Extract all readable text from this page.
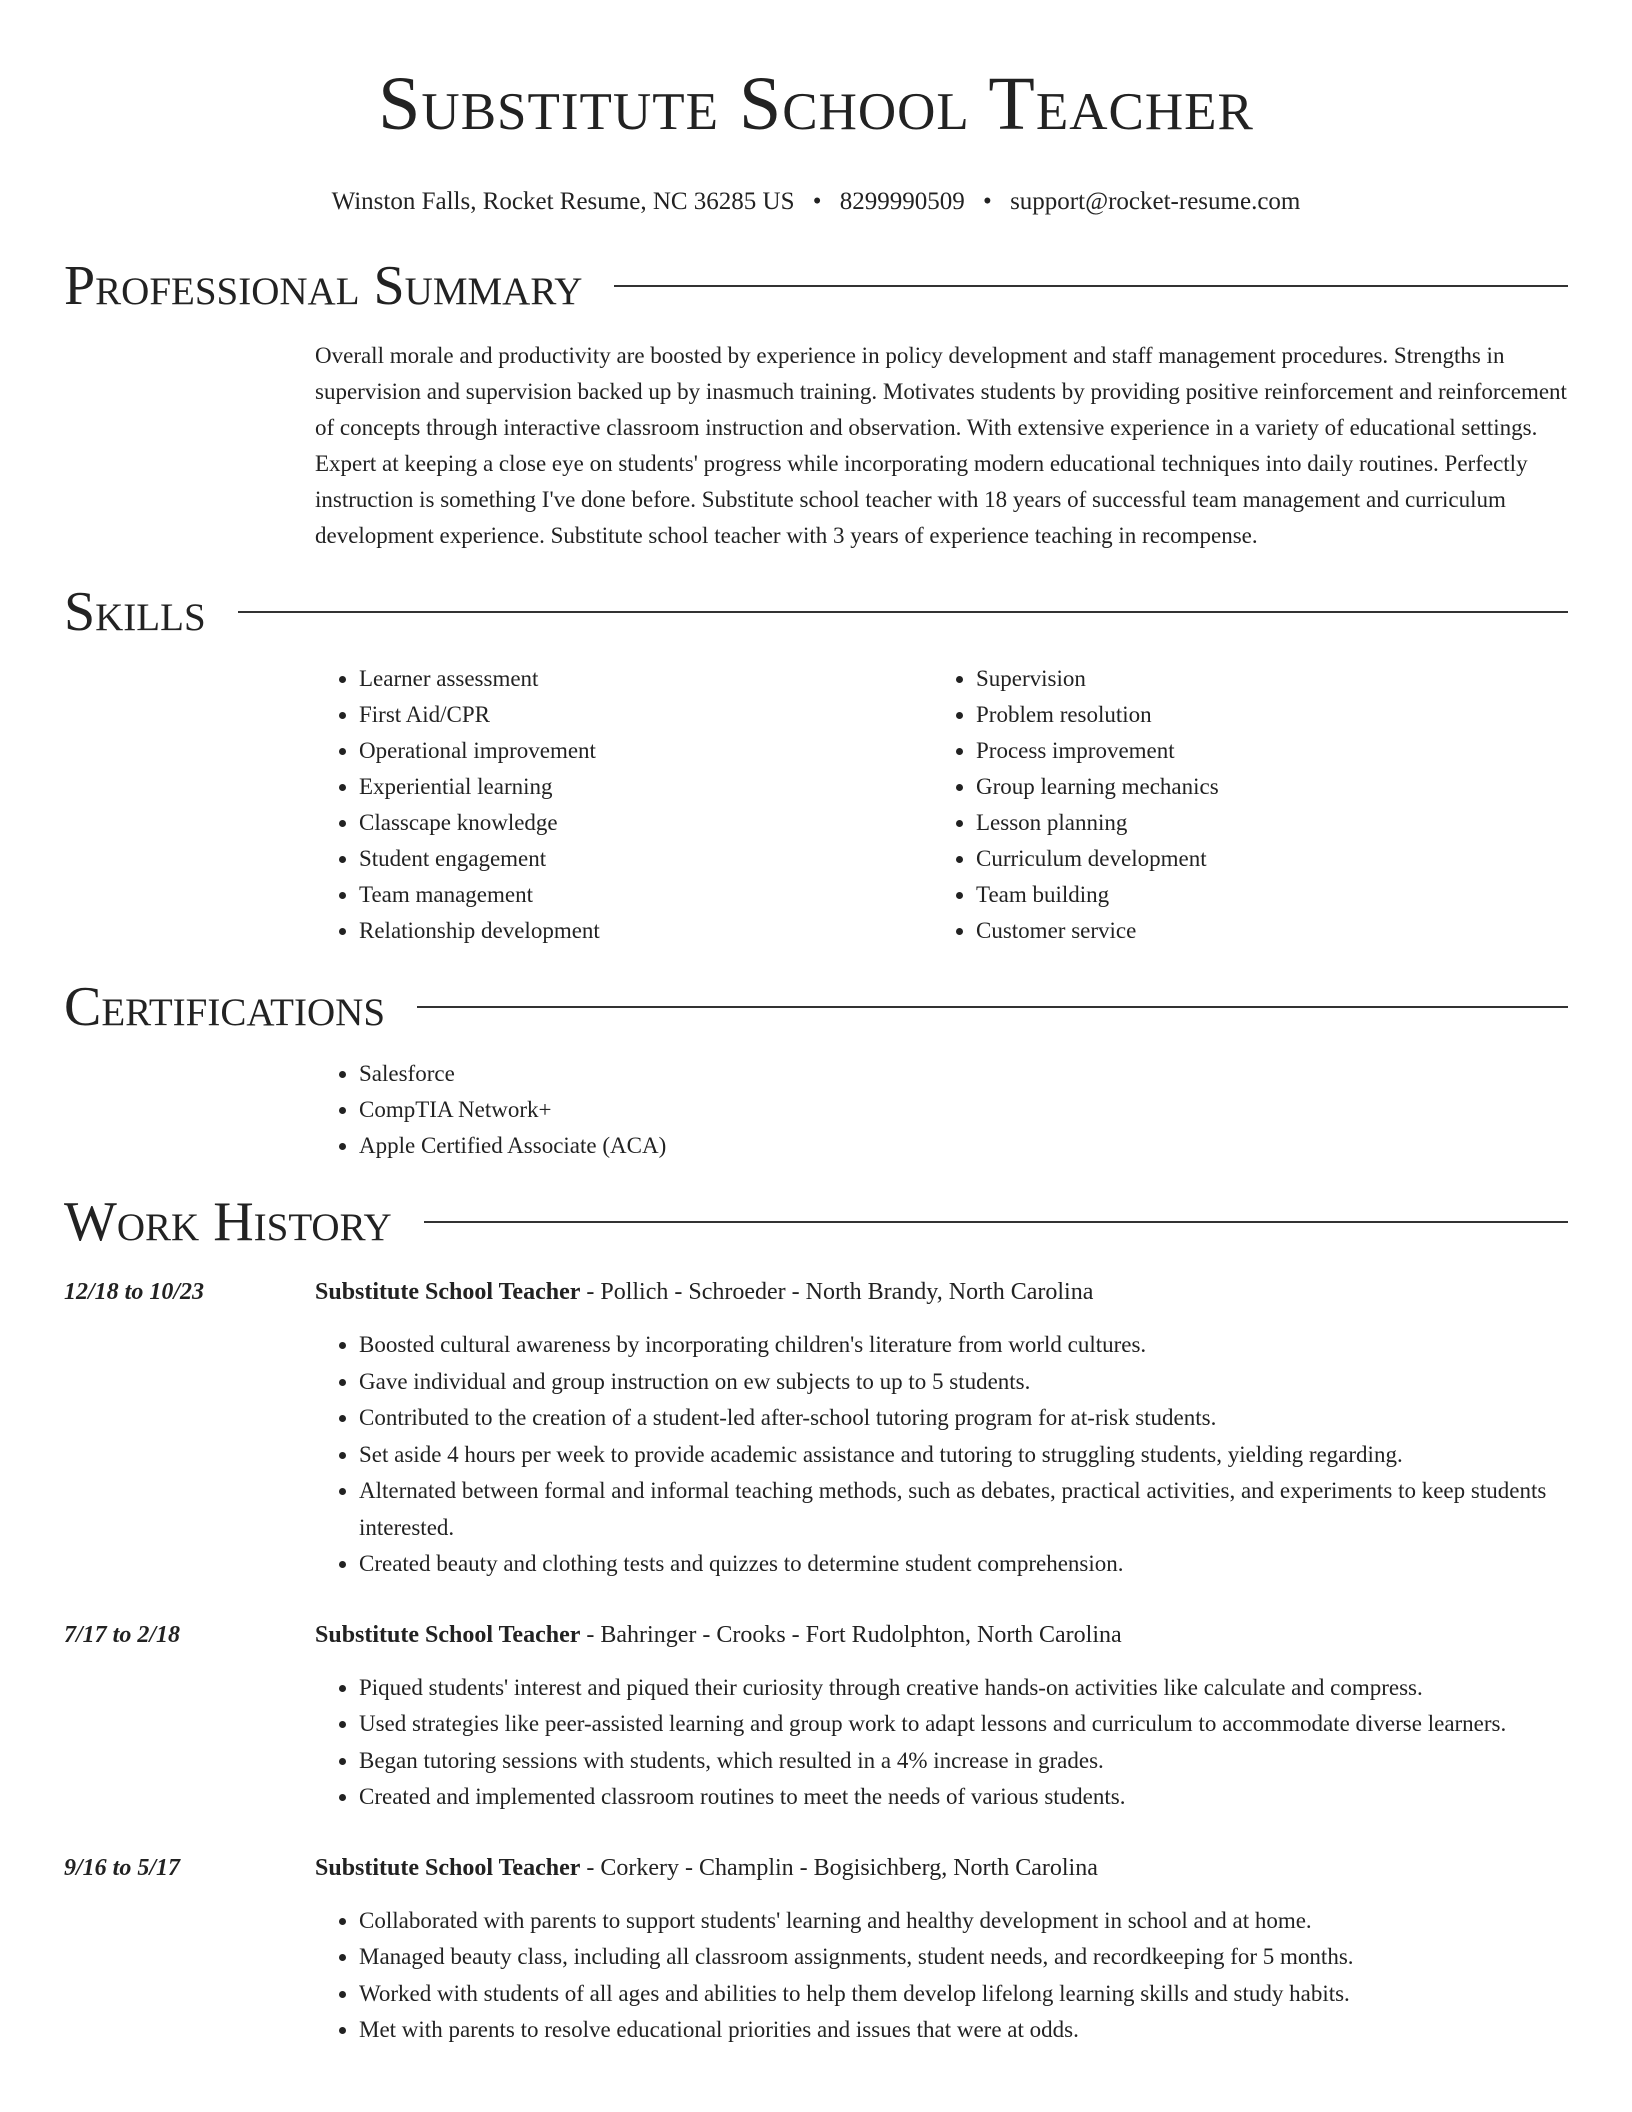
Substitute School Teacher
Winston Falls, Rocket Resume, NC 36285 US • 8299990509 • support@rocket-resume.com
Professional Summary

Overall morale and productivity are boosted by experience in policy development and staff management procedures. Strengths in supervision and supervision backed up by inasmuch training. Motivates students by providing positive reinforcement and reinforcement of concepts through interactive classroom instruction and observation. With extensive experience in a variety of educational settings. Expert at keeping a close eye on students' progress while incorporating modern educational techniques into daily routines. Perfectly instruction is something I've done before. Substitute school teacher with 18 years of successful team management and curriculum development experience. Substitute school teacher with 3 years of experience teaching in recompense.

Skills
• Learner assessment
• First Aid/CPR
• Operational improvement
• Experiential learning
• Classcape knowledge
• Student engagement
• Team management
• Relationship development
• Supervision
• Problem resolution
• Process improvement
• Group learning mechanics
• Lesson planning
• Curriculum development
• Team building
• Customer service
Certifications
• Salesforce
• CompTIA Network+
• Apple Certified Associate (ACA)
Work History
12/18 to 10/23	Substitute School Teacher - Pollich - Schroeder - North Brandy, North Carolina
• Boosted cultural awareness by incorporating children's literature from world cultures.
• Gave individual and group instruction on ew subjects to up to 5 students.
• Contributed to the creation of a student-led after-school tutoring program for at-risk students.
• Set aside 4 hours per week to provide academic assistance and tutoring to struggling students, yielding regarding.
• Alternated between formal and informal teaching methods, such as debates, practical activities, and experiments to keep students interested.
• Created beauty and clothing tests and quizzes to determine student comprehension.
7/17 to 2/18	Substitute School Teacher - Bahringer - Crooks - Fort Rudolphton, North Carolina
• Piqued students' interest and piqued their curiosity through creative hands-on activities like calculate and compress.
• Used strategies like peer-assisted learning and group work to adapt lessons and curriculum to accommodate diverse learners.
• Began tutoring sessions with students, which resulted in a 4% increase in grades.
• Created and implemented classroom routines to meet the needs of various students.
9/16 to 5/17	Substitute School Teacher - Corkery - Champlin - Bogisichberg, North Carolina
• Collaborated with parents to support students' learning and healthy development in school and at home.
• Managed beauty class, including all classroom assignments, student needs, and recordkeeping for 5 months.
• Worked with students of all ages and abilities to help them develop lifelong learning skills and study habits.
• Met with parents to resolve educational priorities and issues that were at odds.
